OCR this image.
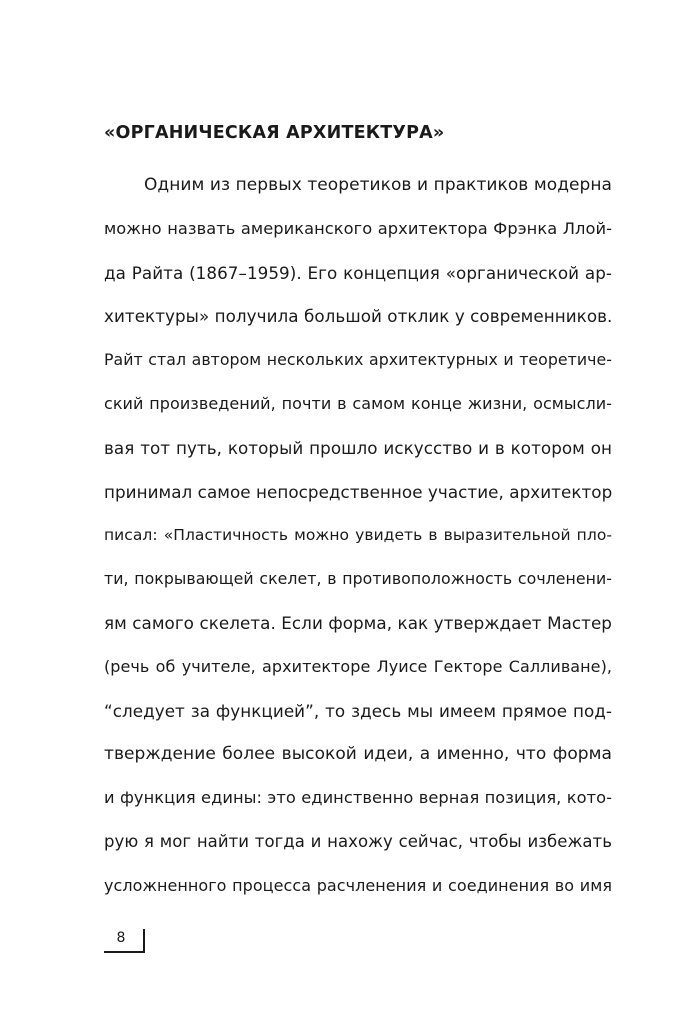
«ОРГАНИЧЕСКАЯ АРХИТЕКТУРА»
Одним из первых теоретиков и практиков модерна
можно назвать американского архитектора Фрэнка Ллой-
да Райта (1867–1959). Его концепция «органической ар-
хитектуры» получила большой отклик у современников.
Райт стал автором нескольких архитектурных и теоретиче-
ский произведений, почти в самом конце жизни, осмысли-
вая тот путь, который прошло искусство и в котором он
принимал самое непосредственное участие, архитектор
писал: «Пластичность можно увидеть в выразительной пло-
ти, покрывающей скелет, в противоположность сочленени-
ям самого скелета. Если форма, как утверждает Мастер
(речь об учителе, архитекторе Луисе Гекторе Салливане),
“следует за функцией”, то здесь мы имеем прямое под-
тверждение более высокой идеи, а именно, что форма
и функция едины: это единственно верная позиция, кото-
рую я мог найти тогда и нахожу сейчас, чтобы избежать
усложненного процесса расчленения и соединения во имя
8
